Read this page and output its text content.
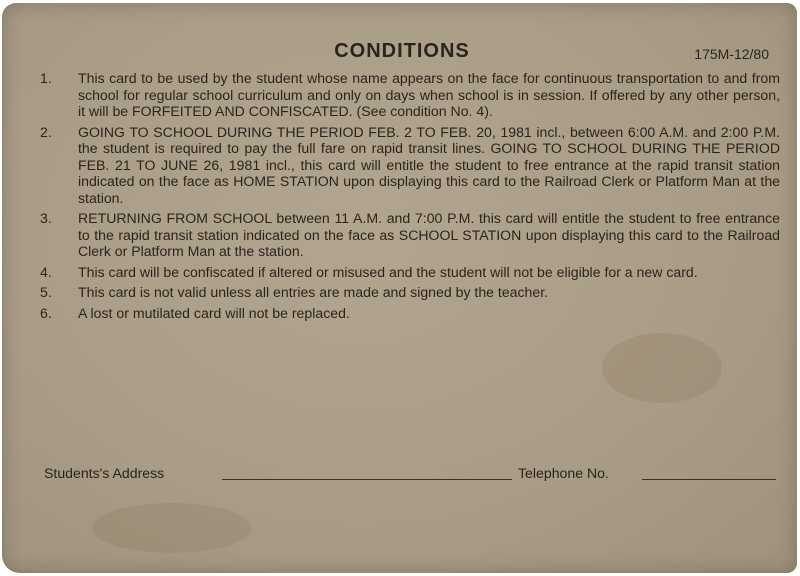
CONDITIONS	175M-12/80
1.	This card to be used by the student whose name appears on the face for continuous transportation to and from school for regular school curriculum and only on days when school is in session. If offered by any other person, it will be FORFEITED AND CONFISCATED. (See condition No. 4).
2.	GOING TO SCHOOL DURING THE PERIOD FEB. 2 TO FEB. 20, 1981 incl., between 6:00 A.M. and 2:00 P.M. the student is required to pay the full fare on rapid transit lines. GOING TO SCHOOL DURING THE PERIOD FEB. 21 TO JUNE 26, 1981 incl., this card will entitle the student to free entrance at the rapid transit station indicated on the face as HOME STATION upon displaying this card to the Railroad Clerk or Platform Man at the station.
3.	RETURNING FROM SCHOOL between 11 A.M. and 7:00 P.M. this card will entitle the student to free entrance to the rapid transit station indicated on the face as SCHOOL STATION upon displaying this card to the Railroad Clerk or Platform Man at the station.
4.	This card will be confiscated if altered or misused and the student will not be eligible for a new card.
5.	This card is not valid unless all entries are made and signed by the teacher.
6.	A lost or mutilated card will not be replaced.
Students's Address	Telephone No.
